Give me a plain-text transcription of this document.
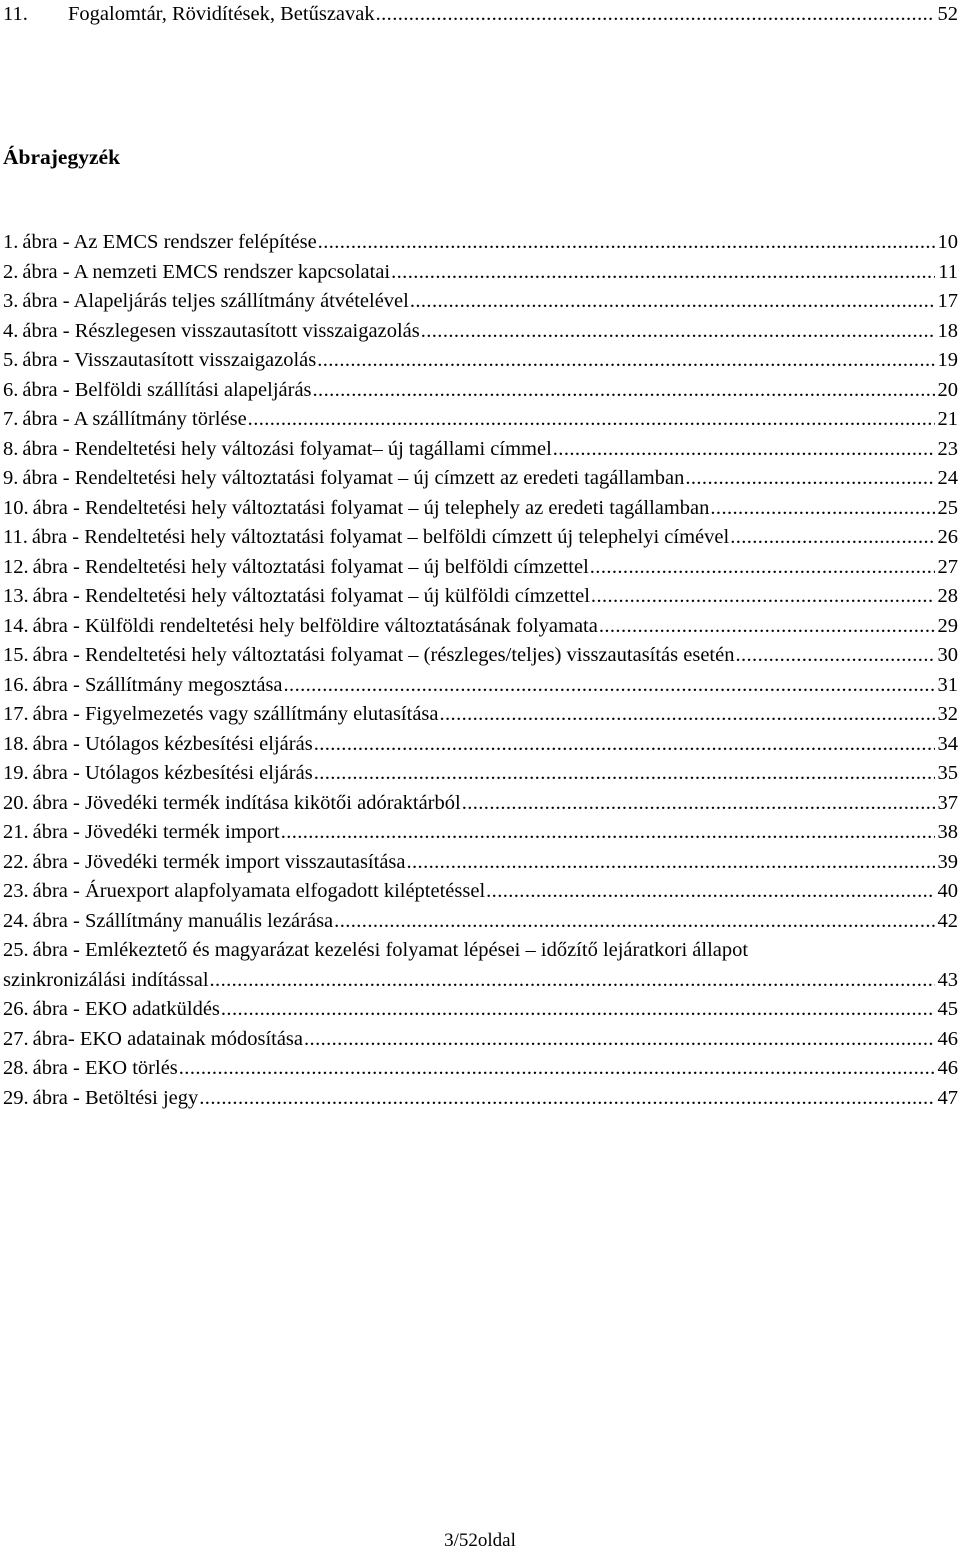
11.	Fogalomtár, Rövidítések, Betűszavak .....	52
Ábrajegyzék
1. ábra - Az EMCS rendszer felépítése .....	10
2. ábra - A nemzeti EMCS rendszer kapcsolatai .....	11
3. ábra - Alapeljárás teljes szállítmány átvételével .....	17
4. ábra - Részlegesen visszautasított visszaigazolás .....	18
5. ábra - Visszautasított visszaigazolás .....	19
6. ábra - Belföldi szállítási alapeljárás .....	20
7. ábra - A szállítmány törlése .....	21
8. ábra - Rendeltetési hely változási folyamat– új tagállami címmel .....	23
9. ábra - Rendeltetési hely változtatási folyamat – új címzett az eredeti tagállamban .....	24
10. ábra - Rendeltetési hely változtatási folyamat – új telephely az eredeti tagállamban .....	25
11. ábra - Rendeltetési hely változtatási folyamat – belföldi címzett új telephelyi címével .....	26
12. ábra - Rendeltetési hely változtatási folyamat – új belföldi címzettel .....	27
13. ábra - Rendeltetési hely változtatási folyamat – új külföldi címzettel .....	28
14. ábra - Külföldi rendeltetési hely belföldire változtatásának folyamata .....	29
15. ábra - Rendeltetési hely változtatási folyamat – (részleges/teljes) visszautasítás esetén .....	30
16. ábra - Szállítmány megosztása .....	31
17. ábra - Figyelmezetés vagy szállítmány elutasítása .....	32
18. ábra - Utólagos kézbesítési eljárás .....	34
19. ábra - Utólagos kézbesítési eljárás .....	35
20. ábra - Jövedéki termék indítása kikötői adóraktárból .....	37
21. ábra - Jövedéki termék import .....	38
22. ábra - Jövedéki termék import visszautasítása .....	39
23. ábra - Áruexport alapfolyamata elfogadott kiléptetéssel .....	40
24. ábra - Szállítmány manuális lezárása .....	42
25. ábra - Emlékeztető és magyarázat kezelési folyamat lépései – időzítő lejáratkori állapot
szinkronizálási indítással .....	43
26. ábra - EKO adatküldés .....	45
27. ábra- EKO adatainak módosítása .....	46
28. ábra - EKO törlés .....	46
29. ábra - Betöltési jegy .....	47
3/52oldal
